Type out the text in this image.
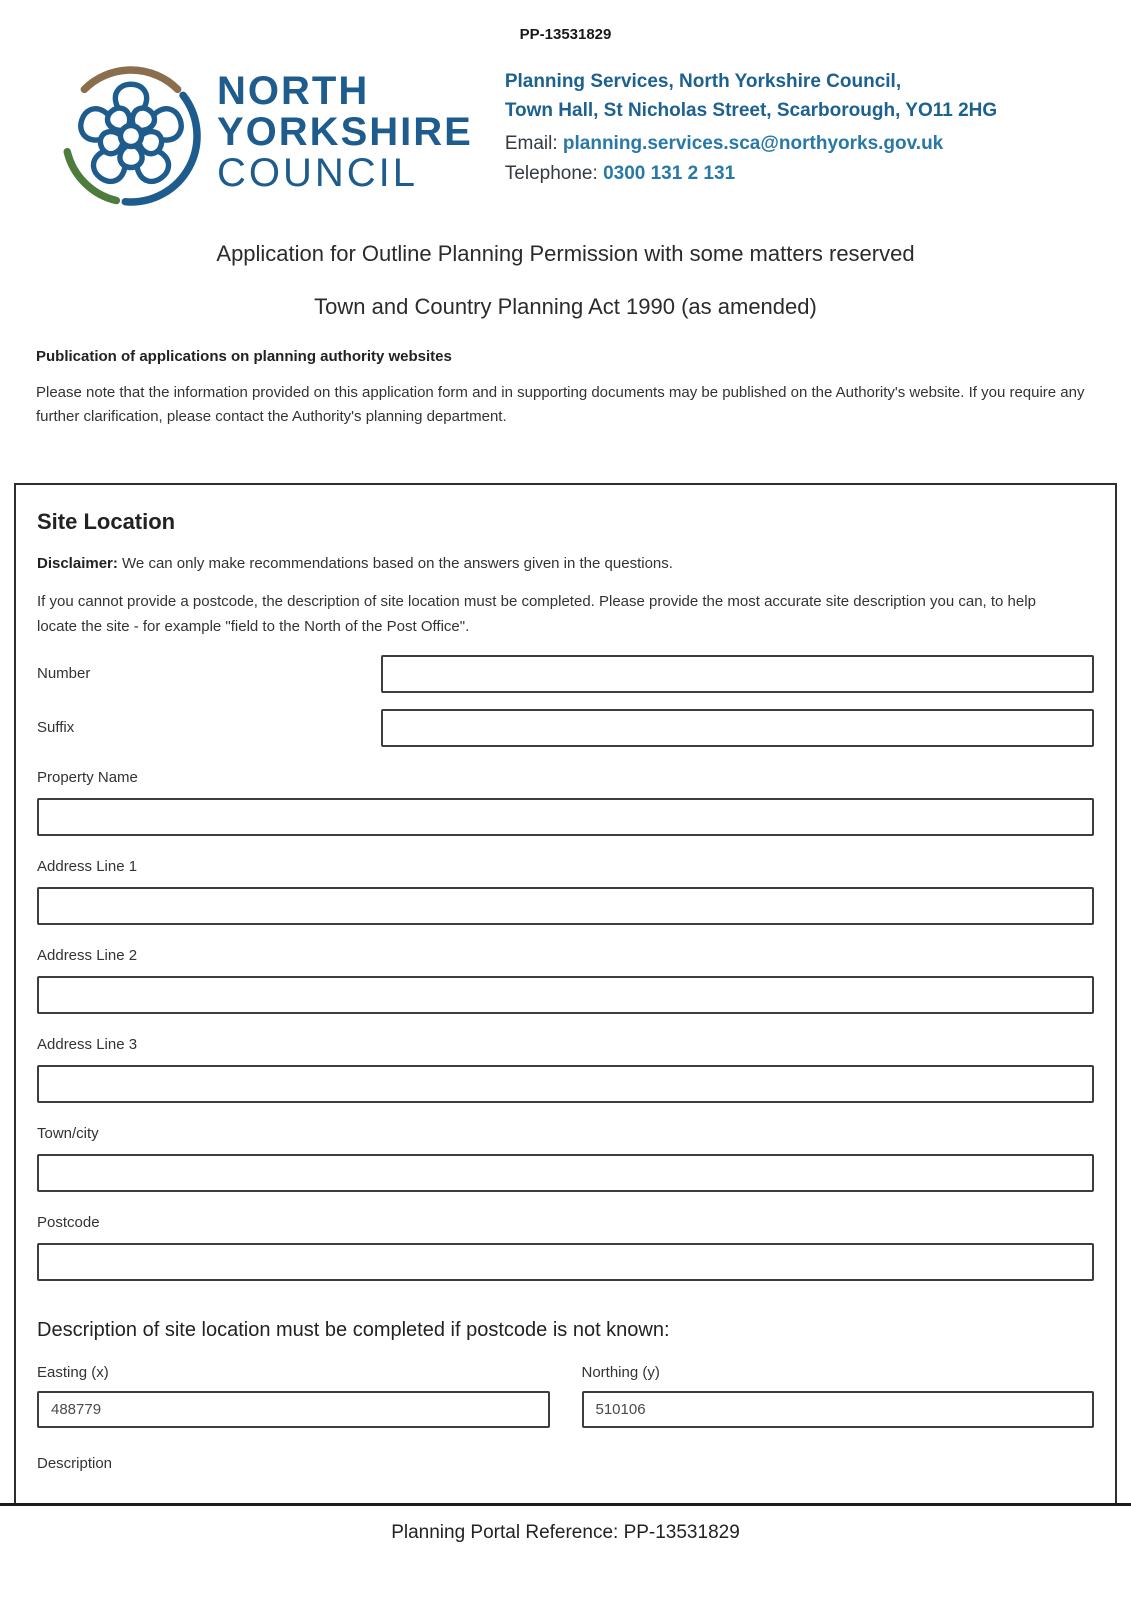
PP-13531829
NORTH
YORKSHIRE
COUNCIL
Planning Services, North Yorkshire Council,
Town Hall, St Nicholas Street, Scarborough, YO11 2HG
Email: planning.services.sca@northyorks.gov.uk
Telephone: 0300 131 2 131
Application for Outline Planning Permission with some matters reserved
Town and Country Planning Act 1990 (as amended)
Publication of applications on planning authority websites
Please note that the information provided on this application form and in supporting documents may be published on the Authority's website. If you require any further clarification, please contact the Authority's planning department.
Site Location
Disclaimer: We can only make recommendations based on the answers given in the questions.
If you cannot provide a postcode, the description of site location must be completed. Please provide the most accurate site description you can, to help locate the site - for example "field to the North of the Post Office".
Number
Suffix
Property Name
Address Line 1
Address Line 2
Address Line 3
Town/city
Postcode
Description of site location must be completed if postcode is not known:
Easting (x)
488779	Northing (y)
510106
Description
Planning Portal Reference: PP-13531829
